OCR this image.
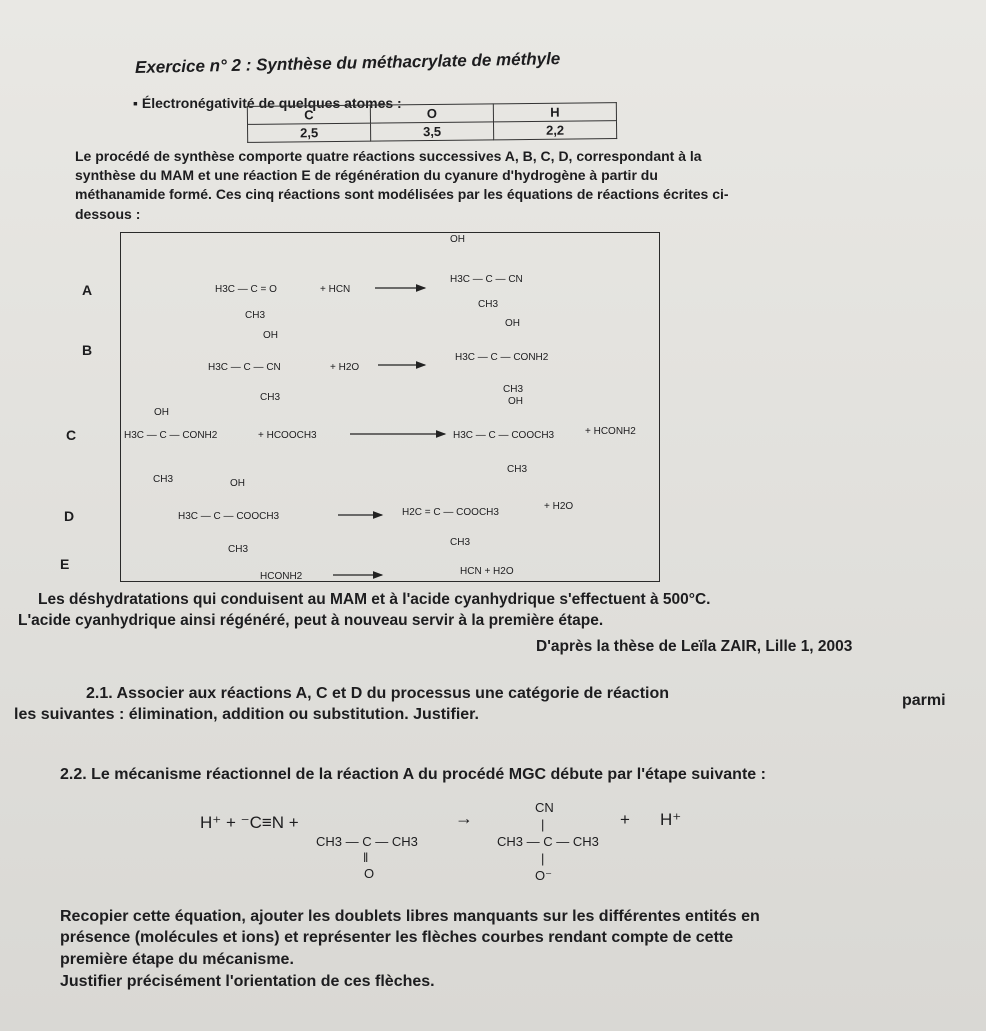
Exercice n° 2 : Synthèse du méthacrylate de méthyle
▪ Électronégativité de quelques atomes :
C	O	H
2,5	3,5	2,2
Le procédé de synthèse comporte quatre réactions successives A, B, C, D, correspondant à la
synthèse du MAM et une réaction E de régénération du cyanure d'hydrogène à partir du
méthanamide formé. Ces cinq réactions sont modélisées par les équations de réactions écrites ci-
dessous :
A
B
C
D
E
H3C — C = O
CH3
+ HCN
OH
H3C — C — CN
CH3
OH
H3C — C — CN	+ H2O
CH3
OH
H3C — C — CONH2
CH3
OH
H3C — C — CONH2	+ HCOOCH3
CH3
OH
H3C — C — COOCH3
CH3
+ HCONH2
OH
H3C — C — COOCH3
CH3
H2C = C — COOCH3
CH3
+ H2O
HCONH2	HCN + H2O
Les déshydratations qui conduisent au MAM et à l'acide cyanhydrique s'effectuent à 500°C.
L'acide cyanhydrique ainsi régénéré, peut à nouveau servir à la première étape.
D'après la thèse de Leïla ZAIR, Lille 1, 2003
2.1. Associer aux réactions A, C et D du processus une catégorie de réaction	parmi
les suivantes : élimination, addition ou substitution. Justifier.
2.2. Le mécanisme réactionnel de la réaction A du procédé MGC débute par l'étape suivante :
H⁺ + ⁻C≡N +
CH3 — C — CH3
‖
O
→
CN
|
CH3 — C — CH3
|
O⁻
+ H⁺
Recopier cette équation, ajouter les doublets libres manquants sur les différentes entités en
présence (molécules et ions) et représenter les flèches courbes rendant compte de cette
première étape du mécanisme.
Justifier précisément l'orientation de ces flèches.
